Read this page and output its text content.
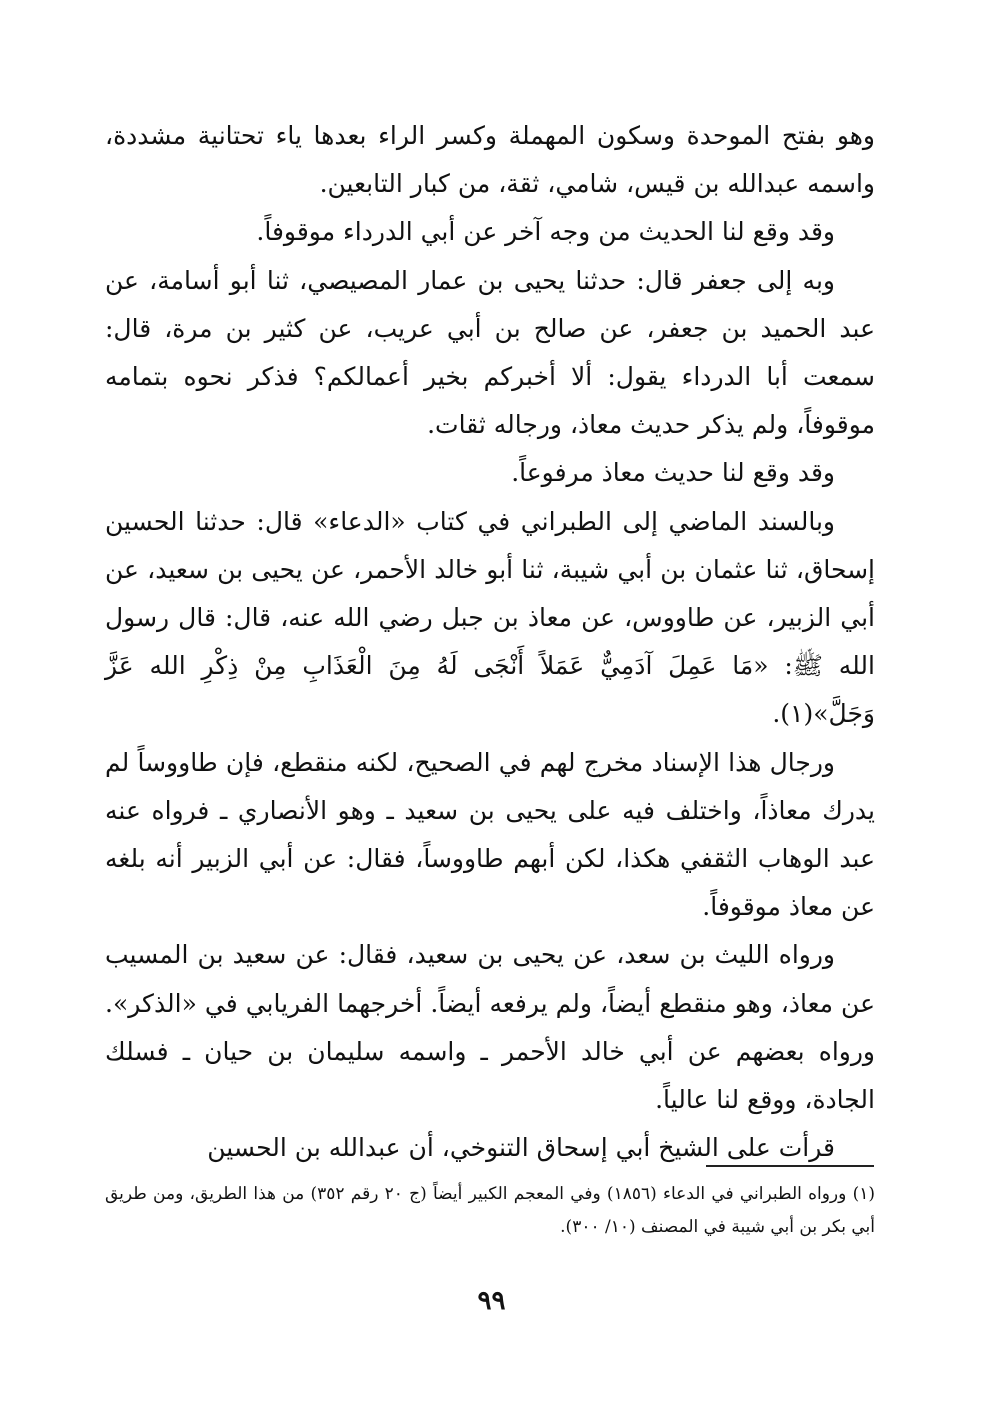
وهو بفتح الموحدة وسكون المهملة وكسر الراء بعدها ياء تحتانية مشددة، واسمه عبدالله بن قيس، شامي، ثقة، من كبار التابعين.

وقد وقع لنا الحديث من وجه آخر عن أبي الدرداء موقوفاً.

وبه إلى جعفر قال: حدثنا يحيى بن عمار المصيصي، ثنا أبو أسامة، عن عبد الحميد بن جعفر، عن صالح بن أبي عريب، عن كثير بن مرة، قال: سمعت أبا الدرداء يقول: ألا أخبركم بخير أعمالكم؟ فذكر نحوه بتمامه موقوفاً، ولم يذكر حديث معاذ، ورجاله ثقات.

وقد وقع لنا حديث معاذ مرفوعاً.

وبالسند الماضي إلى الطبراني في كتاب «الدعاء» قال: حدثنا الحسين إسحاق، ثنا عثمان بن أبي شيبة، ثنا أبو خالد الأحمر، عن يحيى بن سعيد، عن أبي الزبير، عن طاووس، عن معاذ بن جبل رضي الله عنه، قال: قال رسول الله ﷺ: «مَا عَمِلَ آدَمِيٌّ عَمَلاً أَنْجَى لَهُ مِنَ الْعَذَابِ مِنْ ذِكْرِ الله عَزَّ وَجَلَّ»(١).

ورجال هذا الإسناد مخرج لهم في الصحيح، لكنه منقطع، فإن طاووساً لم يدرك معاذاً، واختلف فيه على يحيى بن سعيد ـ وهو الأنصاري ـ فرواه عنه عبد الوهاب الثقفي هكذا، لكن أبهم طاووساً، فقال: عن أبي الزبير أنه بلغه عن معاذ موقوفاً.

ورواه الليث بن سعد، عن يحيى بن سعيد، فقال: عن سعيد بن المسيب عن معاذ، وهو منقطع أيضاً، ولم يرفعه أيضاً. أخرجهما الفريابي في «الذكر». ورواه بعضهم عن أبي خالد الأحمر ـ واسمه سليمان بن حيان ـ فسلك الجادة، ووقع لنا عالياً.

قرأت على الشيخ أبي إسحاق التنوخي، أن عبدالله بن الحسين

(١) ورواه الطبراني في الدعاء (١٨٥٦) وفي المعجم الكبير أيضاً (ج ٢٠ رقم ٣٥٢) من هذا الطريق، ومن طريق أبي بكر بن أبي شيبة في المصنف (١٠/ ٣٠٠).

٩٩
